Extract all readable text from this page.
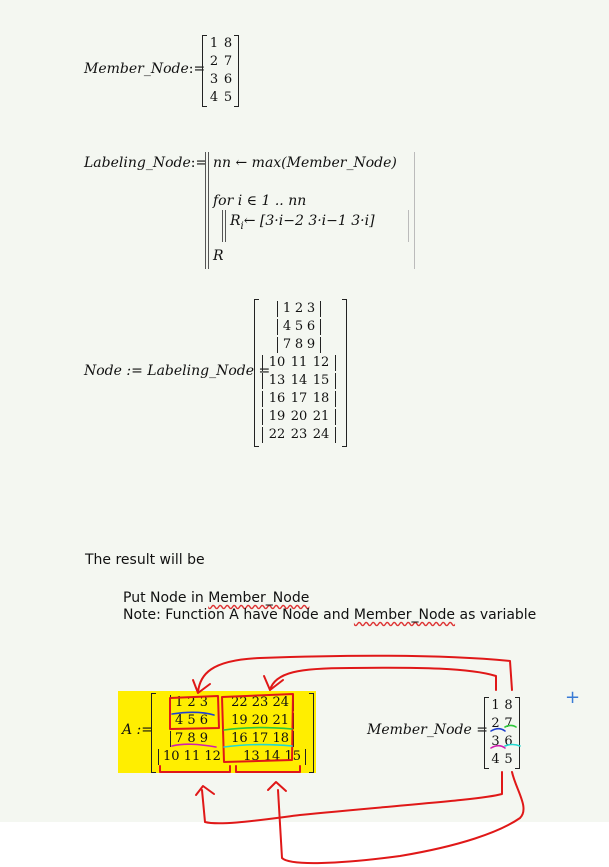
Member_Node:=
1 8
2 7
3 6
4 5
Labeling_Node:= nn ← max(Member_Node)
for i ∈ 1 .. nn
$R_i\leftarrow$ [3·i−2 3·i−1 3·i]
R
Node := Labeling_Node =
1 2 3
4 5 6
7 8 9
10 11 12
13 14 15
16 17 18
19 20 21
22 23 24
The result will be
Put Node in Member_Node
Note: Function A have Node and Member_Node as variable
A :=
1 2 3 22 23 24
4 5 6 19 20 21
7 8 9 16 17 18
10 11 12 13 14 15
Member_Node =
1 8
2 7
3 6
4 5
+
